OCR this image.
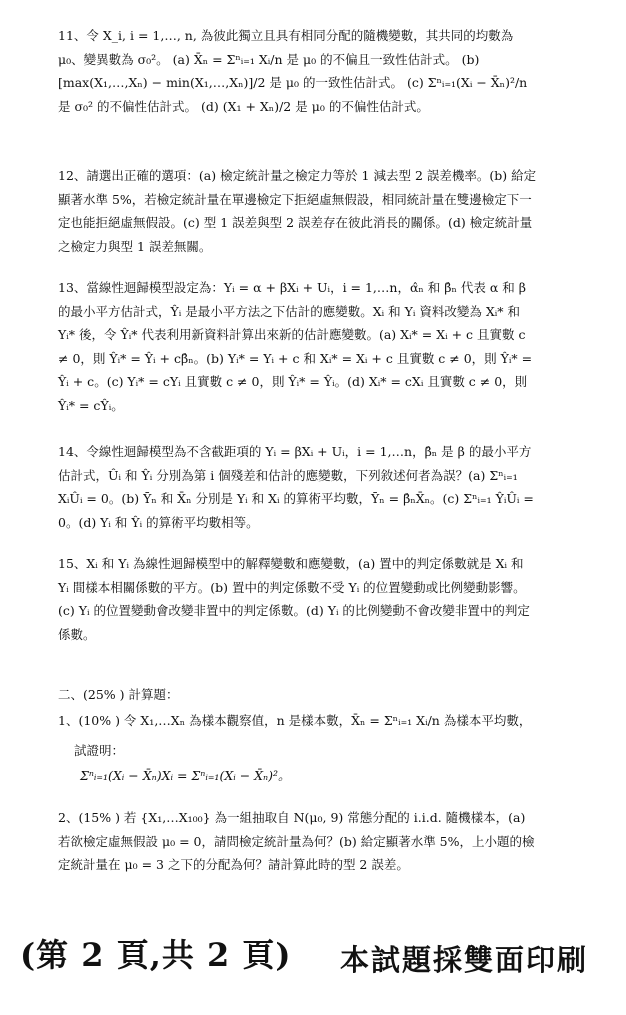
11、令 X_i, i = 1,…, n, 為彼此獨立且具有相同分配的隨機變數，其共同的均數為 μ₀、變異數為 σ₀²。 (a) X̄ₙ = Σⁿᵢ₌₁ Xᵢ/n 是 μ₀ 的不偏且一致性估計式。 (b) [max(X₁,…,Xₙ) − min(X₁,…,Xₙ)]/2 是 μ₀ 的一致性估計式。 (c) Σⁿᵢ₌₁(Xᵢ − X̄ₙ)²/n 是 σ₀² 的不偏性估計式。 (d) (X₁ + Xₙ)/2 是 μ₀ 的不偏性估計式。
12、請選出正確的選項：(a) 檢定統計量之檢定力等於 1 減去型 2 誤差機率。(b) 給定顯著水準 5%，若檢定統計量在單邊檢定下拒絕虛無假設，相同統計量在雙邊檢定下一定也能拒絕虛無假設。(c) 型 1 誤差與型 2 誤差存在彼此消長的關係。(d) 檢定統計量之檢定力與型 1 誤差無關。
13、當線性迴歸模型設定為：Yᵢ = α + βXᵢ + Uᵢ，i = 1,…n，α̂ₙ 和 β̂ₙ 代表 α 和 β 的最小平方估計式，Ŷᵢ 是最小平方法之下估計的應變數。Xᵢ 和 Yᵢ 資料改變為 Xᵢ* 和 Yᵢ* 後，令 Ŷᵢ* 代表利用新資料計算出來新的估計應變數。(a) Xᵢ* = Xᵢ + c 且實數 c ≠ 0，則 Ŷᵢ* = Ŷᵢ + cβ̂ₙ。(b) Yᵢ* = Yᵢ + c 和 Xᵢ* = Xᵢ + c 且實數 c ≠ 0，則 Ŷᵢ* = Ŷᵢ + c。(c) Yᵢ* = cYᵢ 且實數 c ≠ 0，則 Ŷᵢ* = Ŷᵢ。(d) Xᵢ* = cXᵢ 且實數 c ≠ 0，則 Ŷᵢ* = cŶᵢ。
14、令線性迴歸模型為不含截距項的 Yᵢ = βXᵢ + Uᵢ，i = 1,…n，β̂ₙ 是 β 的最小平方估計式，Ûᵢ 和 Ŷᵢ 分別為第 i 個殘差和估計的應變數，下列敘述何者為誤？(a) Σⁿᵢ₌₁ XᵢÛᵢ = 0。(b) Ȳₙ 和 X̄ₙ 分別是 Yᵢ 和 Xᵢ 的算術平均數，Ȳₙ = β̂ₙX̄ₙ。(c) Σⁿᵢ₌₁ ŶᵢÛᵢ = 0。(d) Yᵢ 和 Ŷᵢ 的算術平均數相等。
15、Xᵢ 和 Yᵢ 為線性迴歸模型中的解釋變數和應變數，(a) 置中的判定係數就是 Xᵢ 和 Yᵢ 間樣本相關係數的平方。(b) 置中的判定係數不受 Yᵢ 的位置變動或比例變動影響。(c) Yᵢ 的位置變動會改變非置中的判定係數。(d) Yᵢ 的比例變動不會改變非置中的判定係數。
二、(25% ) 計算題：
1、(10% ) 令 X₁,…Xₙ 為樣本觀察值，n 是樣本數，X̄ₙ = Σⁿᵢ₌₁ Xᵢ/n 為樣本平均數，
試證明：
Σⁿᵢ₌₁(Xᵢ − X̄ₙ)Xᵢ = Σⁿᵢ₌₁(Xᵢ − X̄ₙ)²。
2、(15% ) 若 {X₁,…X₁₀₀} 為一組抽取自 N(μ₀, 9) 常態分配的 i.i.d. 隨機樣本，(a) 若欲檢定虛無假設 μ₀ = 0，請問檢定統計量為何？(b) 給定顯著水準 5%，上小題的檢定統計量在 μ₀ = 3 之下的分配為何？請計算此時的型 2 誤差。
(第 2 頁,共 2 頁) 本試題採雙面印刷
